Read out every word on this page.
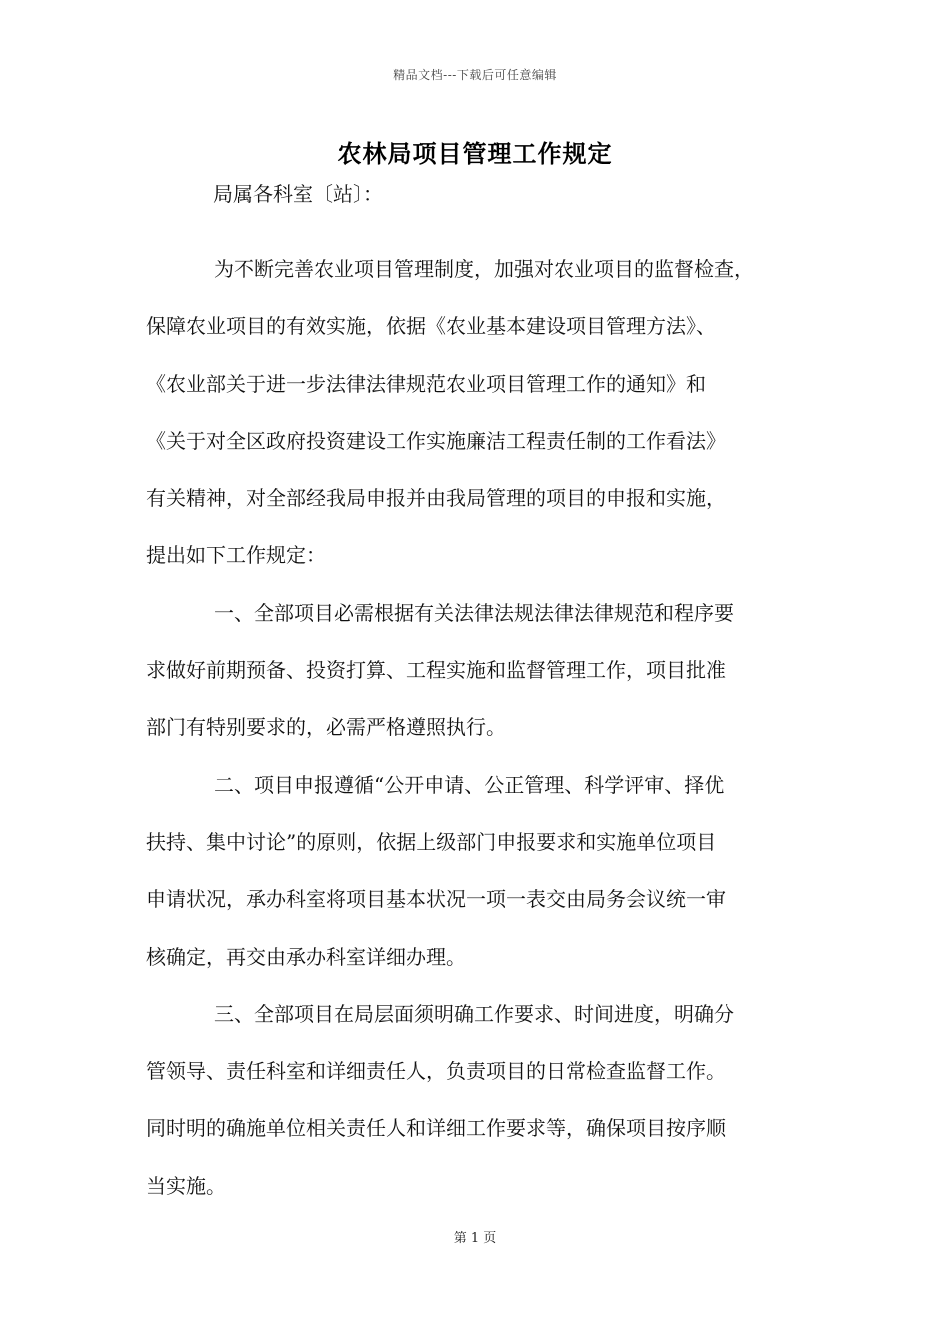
精品文档---下载后可任意编辑
农林局项目管理工作规定
局属各科室〔站〕：
为不断完善农业项目管理制度，加强对农业项目的监督检查，
保障农业项目的有效实施，依据《农业基本建设项目管理方法》、
《农业部关于进一步法律法律规范农业项目管理工作的通知》和
《关于对全区政府投资建设工作实施廉洁工程责任制的工作看法》
有关精神，对全部经我局申报并由我局管理的项目的申报和实施，
提出如下工作规定：
一、全部项目必需根据有关法律法规法律法律规范和程序要
求做好前期预备、投资打算、工程实施和监督管理工作，项目批准
部门有特别要求的，必需严格遵照执行。
二、项目申报遵循“公开申请、公正管理、科学评审、择优
扶持、集中讨论”的原则，依据上级部门申报要求和实施单位项目
申请状况，承办科室将项目基本状况一项一表交由局务会议统一审
核确定，再交由承办科室详细办理。
三、全部项目在局层面须明确工作要求、时间进度，明确分
管领导、责任科室和详细责任人，负责项目的日常检查监督工作。
同时明的确施单位相关责任人和详细工作要求等，确保项目按序顺
当实施。
第 1 页
